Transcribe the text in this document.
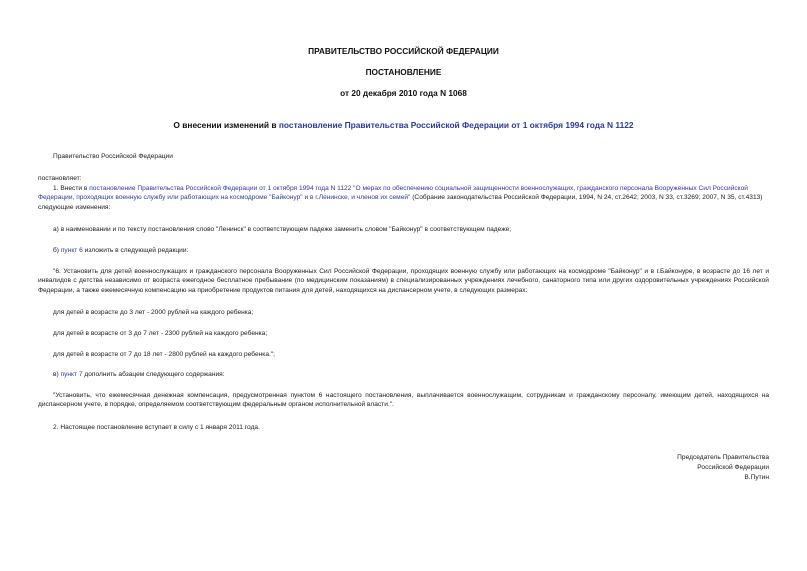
ПРАВИТЕЛЬСТВО РОССИЙСКОЙ ФЕДЕРАЦИИ
ПОСТАНОВЛЕНИЕ
от 20 декабря 2010 года N 1068
О внесении изменений в постановление Правительства Российской Федерации от 1 октября 1994 года N 1122
Правительство Российской Федерации
постановляет:
1. Внести в постановление Правительства Российской Федерации от 1 октября 1994 года N 1122 "О мерах по обеспечению социальной защищенности военнослужащих, гражданского персонала Вооруженных Сил Российской Федерации, проходящих военную службу или работающих на космодроме "Байконур" и в г.Ленинске, и членов их семей" (Собрание законодательства Российской Федерации, 1994, N 24, ст.2642; 2003, N 33, ст.3269; 2007, N 35, ст.4313) следующие изменения:
а) в наименовании и по тексту постановления слово "Ленинск" в соответствующем падеже заменить словом "Байконур" в соответствующем падеже;
б) пункт 6 изложить в следующей редакции:
"6. Установить для детей военнослужащих и гражданского персонала Вооруженных Сил Российской Федерации, проходящих военную службу или работающих на космодроме "Байконур" и в г.Байконуре, в возрасте до 16 лет и инвалидов с детства независимо от возраста ежегодное бесплатное пребывание (по медицинским показаниям) в специализированных учреждениях лечебного, санаторного типа или других оздоровительных учреждениях Российской Федерации, а также ежемесячную компенсацию на приобретение продуктов питания для детей, находящихся на диспансерном учете, в следующих размерах:
для детей в возрасте до 3 лет - 2000 рублей на каждого ребенка;
для детей в возрасте от 3 до 7 лет - 2300 рублей на каждого ребенка;
для детей в возрасте от 7 до 18 лет - 2800 рублей на каждого ребенка.";
в) пункт 7 дополнить абзацем следующего содержания:
"Установить, что ежемесячная денежная компенсация, предусмотренная пунктом 6 настоящего постановления, выплачивается военнослужащим, сотрудникам и гражданскому персоналу, имеющим детей, находящихся на диспансерном учете, в порядке, определяемом соответствующим федеральным органом исполнительной власти.".
2. Настоящее постановление вступает в силу с 1 января 2011 года.
Председатель Правительства
Российской Федерации
В.Путин
